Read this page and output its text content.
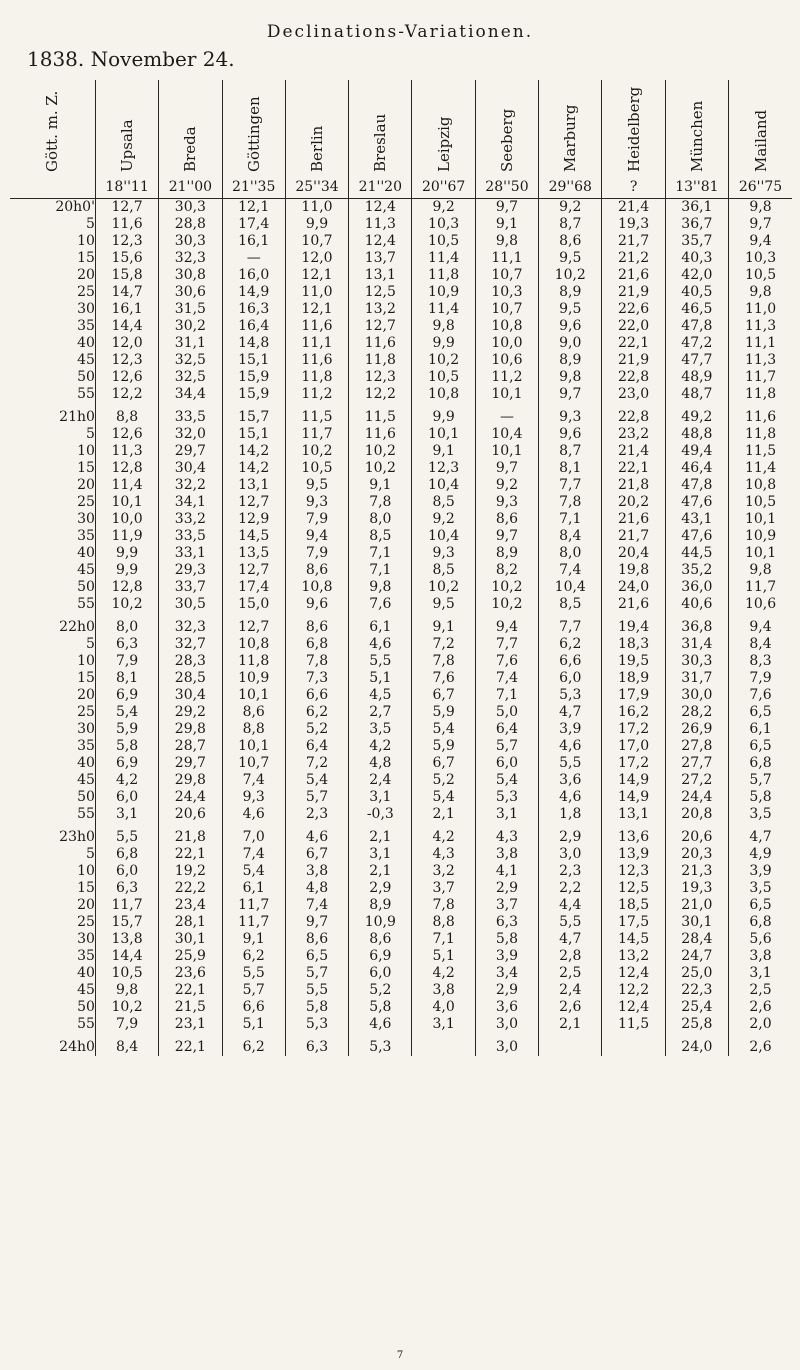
Declinations-Variationen.
1838. November 24.
Gött. m. Z.	Upsala	Breda	Göttingen	Berlin	Breslau	Leipzig	Seeberg	Marburg	Heidelberg	München	Mailand

	18''11	21''00	21''35	25''34	21''20	20''67	28''50	29''68	?	13''81	26''75
20h0'	12,7	30,3	12,1	11,0	12,4	9,2	9,7	9,2	21,4	36,1	9,8
5	11,6	28,8	17,4	9,9	11,3	10,3	9,1	8,7	19,3	36,7	9,7
10	12,3	30,3	16,1	10,7	12,4	10,5	9,8	8,6	21,7	35,7	9,4
15	15,6	32,3	—	12,0	13,7	11,4	11,1	9,5	21,2	40,3	10,3
20	15,8	30,8	16,0	12,1	13,1	11,8	10,7	10,2	21,6	42,0	10,5
25	14,7	30,6	14,9	11,0	12,5	10,9	10,3	8,9	21,9	40,5	9,8
30	16,1	31,5	16,3	12,1	13,2	11,4	10,7	9,5	22,6	46,5	11,0
35	14,4	30,2	16,4	11,6	12,7	9,8	10,8	9,6	22,0	47,8	11,3
40	12,0	31,1	14,8	11,1	11,6	9,9	10,0	9,0	22,1	47,2	11,1
45	12,3	32,5	15,1	11,6	11,8	10,2	10,6	8,9	21,9	47,7	11,3
50	12,6	32,5	15,9	11,8	12,3	10,5	11,2	9,8	22,8	48,9	11,7
55	12,2	34,4	15,9	11,2	12,2	10,8	10,1	9,7	23,0	48,7	11,8
21h0	8,8	33,5	15,7	11,5	11,5	9,9	—	9,3	22,8	49,2	11,6
5	12,6	32,0	15,1	11,7	11,6	10,1	10,4	9,6	23,2	48,8	11,8
10	11,3	29,7	14,2	10,2	10,2	9,1	10,1	8,7	21,4	49,4	11,5
15	12,8	30,4	14,2	10,5	10,2	12,3	9,7	8,1	22,1	46,4	11,4
20	11,4	32,2	13,1	9,5	9,1	10,4	9,2	7,7	21,8	47,8	10,8
25	10,1	34,1	12,7	9,3	7,8	8,5	9,3	7,8	20,2	47,6	10,5
30	10,0	33,2	12,9	7,9	8,0	9,2	8,6	7,1	21,6	43,1	10,1
35	11,9	33,5	14,5	9,4	8,5	10,4	9,7	8,4	21,7	47,6	10,9
40	9,9	33,1	13,5	7,9	7,1	9,3	8,9	8,0	20,4	44,5	10,1
45	9,9	29,3	12,7	8,6	7,1	8,5	8,2	7,4	19,8	35,2	9,8
50	12,8	33,7	17,4	10,8	9,8	10,2	10,2	10,4	24,0	36,0	11,7
55	10,2	30,5	15,0	9,6	7,6	9,5	10,2	8,5	21,6	40,6	10,6
22h0	8,0	32,3	12,7	8,6	6,1	9,1	9,4	7,7	19,4	36,8	9,4
5	6,3	32,7	10,8	6,8	4,6	7,2	7,7	6,2	18,3	31,4	8,4
10	7,9	28,3	11,8	7,8	5,5	7,8	7,6	6,6	19,5	30,3	8,3
15	8,1	28,5	10,9	7,3	5,1	7,6	7,4	6,0	18,9	31,7	7,9
20	6,9	30,4	10,1	6,6	4,5	6,7	7,1	5,3	17,9	30,0	7,6
25	5,4	29,2	8,6	6,2	2,7	5,9	5,0	4,7	16,2	28,2	6,5
30	5,9	29,8	8,8	5,2	3,5	5,4	6,4	3,9	17,2	26,9	6,1
35	5,8	28,7	10,1	6,4	4,2	5,9	5,7	4,6	17,0	27,8	6,5
40	6,9	29,7	10,7	7,2	4,8	6,7	6,0	5,5	17,2	27,7	6,8
45	4,2	29,8	7,4	5,4	2,4	5,2	5,4	3,6	14,9	27,2	5,7
50	6,0	24,4	9,3	5,7	3,1	5,4	5,3	4,6	14,9	24,4	5,8
55	3,1	20,6	4,6	2,3	-0,3	2,1	3,1	1,8	13,1	20,8	3,5
23h0	5,5	21,8	7,0	4,6	2,1	4,2	4,3	2,9	13,6	20,6	4,7
5	6,8	22,1	7,4	6,7	3,1	4,3	3,8	3,0	13,9	20,3	4,9
10	6,0	19,2	5,4	3,8	2,1	3,2	4,1	2,3	12,3	21,3	3,9
15	6,3	22,2	6,1	4,8	2,9	3,7	2,9	2,2	12,5	19,3	3,5
20	11,7	23,4	11,7	7,4	8,9	7,8	3,7	4,4	18,5	21,0	6,5
25	15,7	28,1	11,7	9,7	10,9	8,8	6,3	5,5	17,5	30,1	6,8
30	13,8	30,1	9,1	8,6	8,6	7,1	5,8	4,7	14,5	28,4	5,6
35	14,4	25,9	6,2	6,5	6,9	5,1	3,9	2,8	13,2	24,7	3,8
40	10,5	23,6	5,5	5,7	6,0	4,2	3,4	2,5	12,4	25,0	3,1
45	9,8	22,1	5,7	5,5	5,2	3,8	2,9	2,4	12,2	22,3	2,5
50	10,2	21,5	6,6	5,8	5,8	4,0	3,6	2,6	12,4	25,4	2,6
55	7,9	23,1	5,1	5,3	4,6	3,1	3,0	2,1	11,5	25,8	2,0
24h0	8,4	22,1	6,2	6,3	5,3		3,0			24,0	2,6
7
